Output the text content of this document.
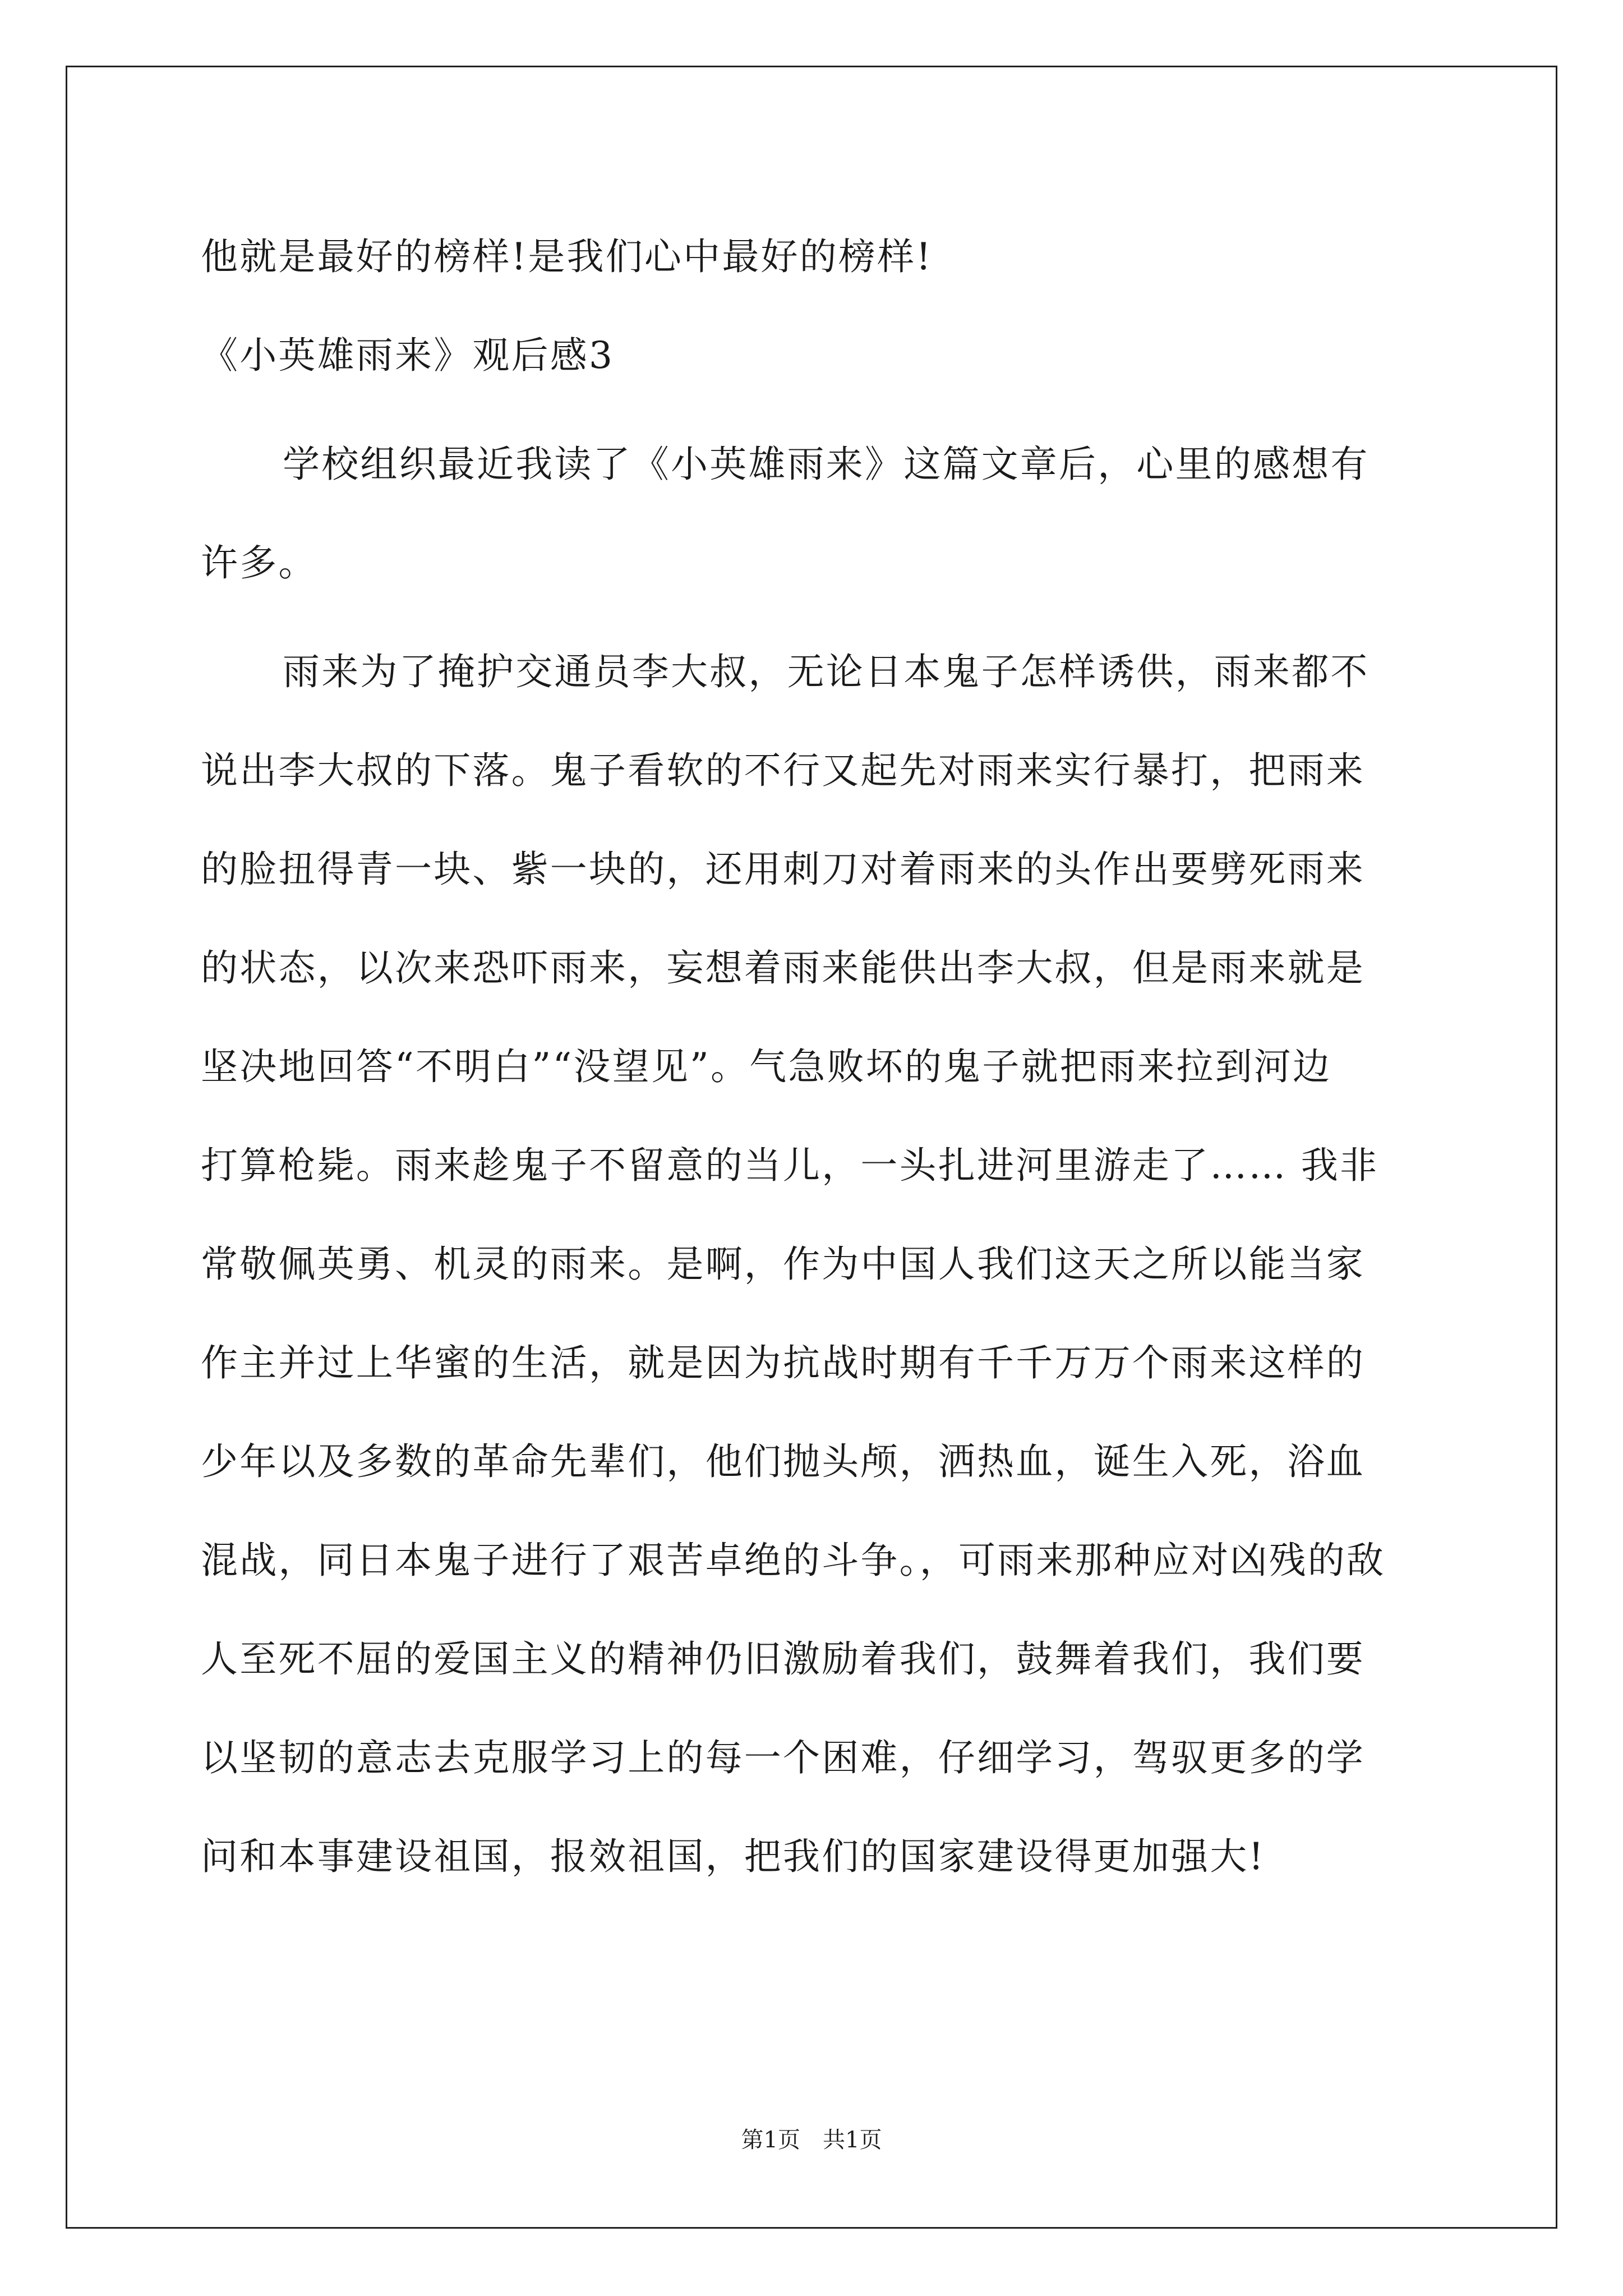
他就是最好的榜样!是我们心中最好的榜样!
《小英雄雨来》观后感3
学校组织最近我读了《小英雄雨来》这篇文章后，心里的感想有
许多。
雨来为了掩护交通员李大叔，无论日本鬼子怎样诱供，雨来都不
说出李大叔的下落。鬼子看软的不行又起先对雨来实行暴打，把雨来
的脸扭得青一块、紫一块的，还用刺刀对着雨来的头作出要劈死雨来
的状态，以次来恐吓雨来，妄想着雨来能供出李大叔，但是雨来就是
坚决地回答“不明白”“没望见”。气急败坏的鬼子就把雨来拉到河边
打算枪毙。雨来趁鬼子不留意的当儿，一头扎进河里游走了…… 我非
常敬佩英勇、机灵的雨来。是啊，作为中国人我们这天之所以能当家
作主并过上华蜜的生活，就是因为抗战时期有千千万万个雨来这样的
少年以及多数的革命先辈们，他们抛头颅，洒热血，诞生入死，浴血
混战，同日本鬼子进行了艰苦卓绝的斗争。，可雨来那种应对凶残的敌
人至死不屈的爱国主义的精神仍旧激励着我们，鼓舞着我们，我们要
以坚韧的意志去克服学习上的每一个困难，仔细学习，驾驭更多的学
问和本事建设祖国，报效祖国，把我们的国家建设得更加强大!
第1页　共1页
